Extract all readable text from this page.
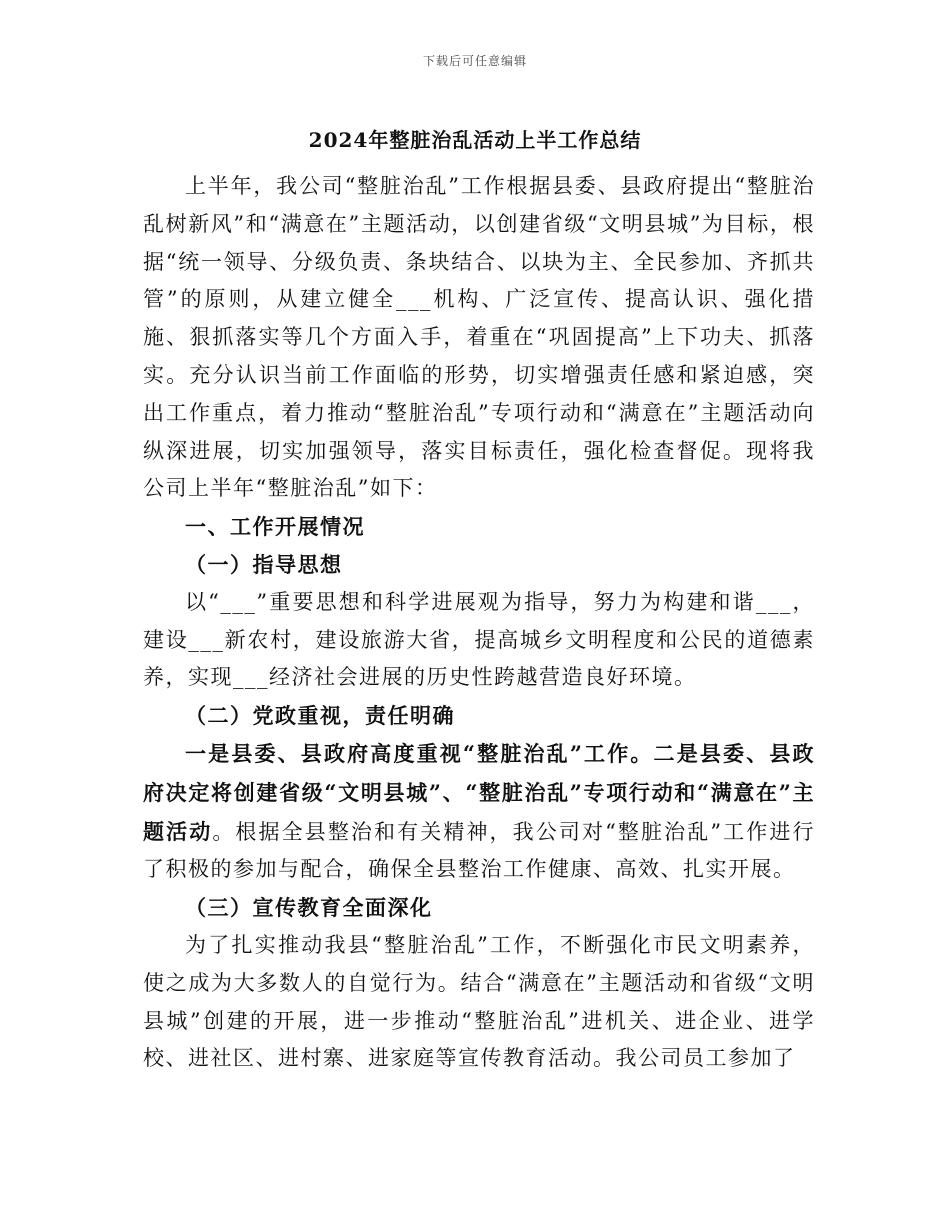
下载后可任意编辑
2024年整脏治乱活动上半工作总结

上半年，我公司“整脏治乱”工作根据县委、县政府提出“整脏治乱树新风”和“满意在”主题活动，以创建省级“文明县城”为目标，根据“统一领导、分级负责、条块结合、以块为主、全民参加、齐抓共管”的原则，从建立健全___机构、广泛宣传、提高认识、强化措施、狠抓落实等几个方面入手，着重在“巩固提高”上下功夫、抓落实。充分认识当前工作面临的形势，切实增强责任感和紧迫感，突出工作重点，着力推动“整脏治乱”专项行动和“满意在”主题活动向纵深进展，切实加强领导，落实目标责任，强化检查督促。现将我公司上半年“整脏治乱”如下：

一、工作开展情况

（一）指导思想

以“___”重要思想和科学进展观为指导，努力为构建和谐___，建设___新农村，建设旅游大省，提高城乡文明程度和公民的道德素养，实现___经济社会进展的历史性跨越营造良好环境。

（二）党政重视，责任明确

一是县委、县政府高度重视“整脏治乱”工作。二是县委、县政府决定将创建省级“文明县城”、“整脏治乱”专项行动和“满意在”主题活动。根据全县整治和有关精神，我公司对“整脏治乱”工作进行了积极的参加与配合，确保全县整治工作健康、高效、扎实开展。

（三）宣传教育全面深化

为了扎实推动我县“整脏治乱”工作，不断强化市民文明素养，使之成为大多数人的自觉行为。结合“满意在”主题活动和省级“文明县城”创建的开展，进一步推动“整脏治乱”进机关、进企业、进学校、进社区、进村寨、进家庭等宣传教育活动。我公司员工参加了
